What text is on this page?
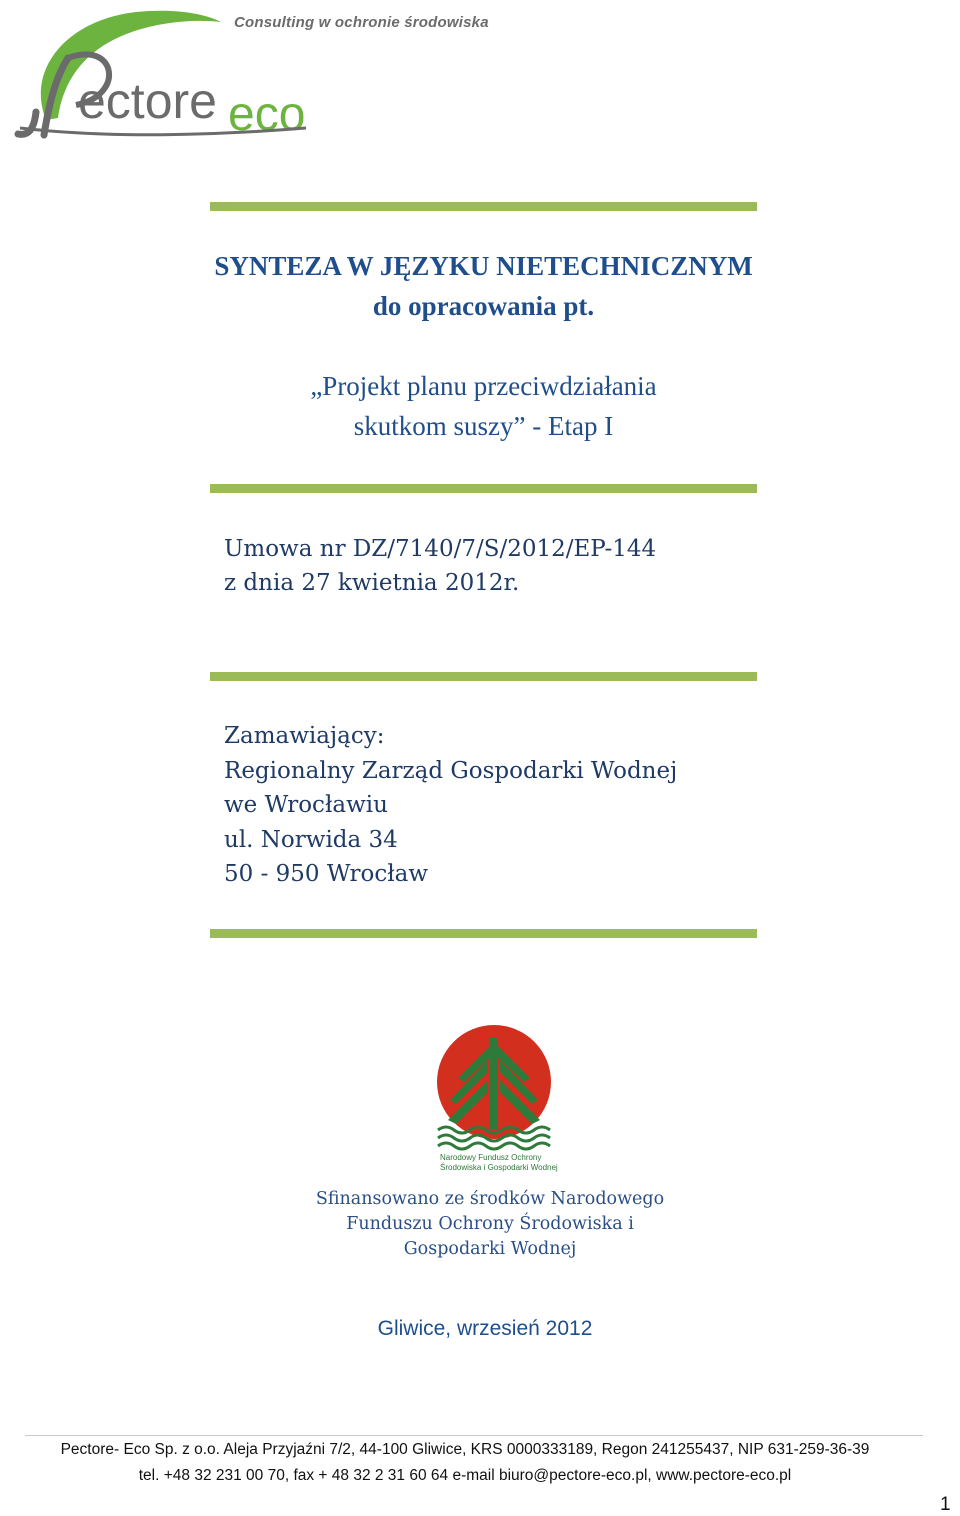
ectore eco
Consulting w ochronie środowiska
SYNTEZA W JĘZYKU NIETECHNICZNYM
do opracowania pt.
„Projekt planu przeciwdziałania
skutkom suszy” - Etap I
Umowa nr DZ/7140/7/S/2012/EP-144
z dnia 27 kwietnia 2012r.
Zamawiający:
Regionalny Zarząd Gospodarki Wodnej
we Wrocławiu
ul. Norwida 34
50 - 950 Wrocław
Narodowy Fundusz Ochrony
Środowiska i Gospodarki Wodnej
Sfinansowano ze środków Narodowego
Funduszu Ochrony Środowiska i
Gospodarki Wodnej
Gliwice, wrzesień 2012
Pectore- Eco Sp. z o.o. Aleja Przyjaźni 7/2, 44-100 Gliwice, KRS 0000333189, Regon 241255437, NIP 631-259-36-39
tel. +48 32 231 00 70, fax + 48 32 2 31 60 64 e-mail biuro@pectore-eco.pl, www.pectore-eco.pl
1
